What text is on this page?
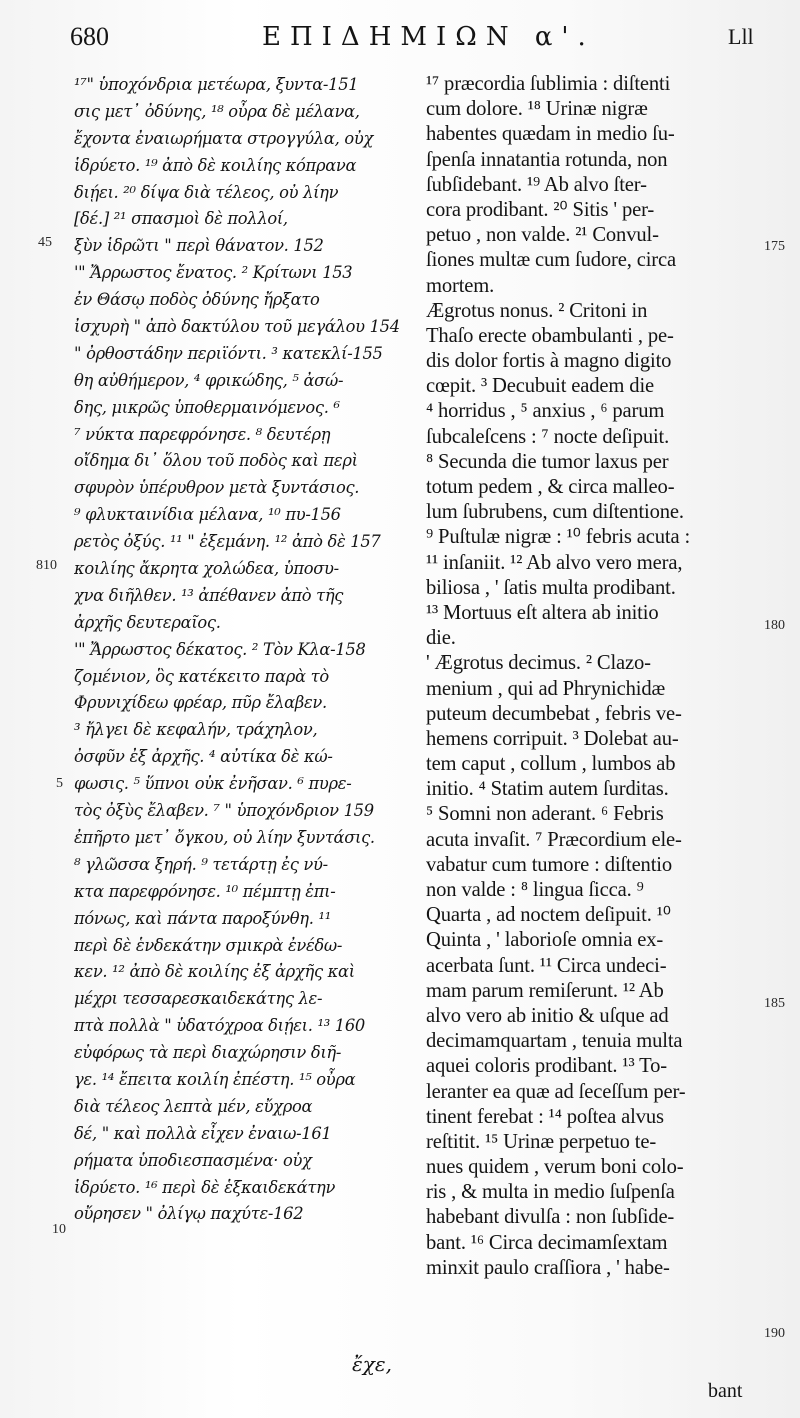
680	ΕΠΙΔΗΜΙΩΝ α'.	Lll
¹⁷" ὑποχόνδρια μετέωρα, ξυντα-151
σις μετ᾽ ὀδύνης, ¹⁸ οὖρα δὲ μέλανα,
ἔχοντα ἐναιωρήματα στρογγύλα, οὐχ
ἱδρύετο. ¹⁹ ἀπὸ δὲ κοιλίης κόπρανα
διῄει. ²⁰ δίψα διὰ τέλεος, οὐ λίην
[δέ.] ²¹ σπασμοὶ δὲ πολλοί,
ξὺν ἱδρῶτι " περὶ θάνατον. 152
'" Ἄρρωστος ἔνατος. ² Κρίτωνι 153
ἐν Θάσῳ ποδὸς ὀδύνης ἤρξατο
ἰσχυρὴ " ἀπὸ δακτύλου τοῦ μεγάλου 154
" ὀρθοστάδην περιϊόντι. ³ κατεκλί-155
θη αὐθήμερον, ⁴ φρικώδης, ⁵ ἀσώ-
δης, μικρῶς ὑποθερμαινόμενος. ⁶
⁷ νύκτα παρεφρόνησε. ⁸ δευτέρῃ
οἴδημα δι᾽ ὅλου τοῦ ποδὸς καὶ περὶ
σφυρὸν ὑπέρυθρον μετὰ ξυντάσιος.
⁹ φλυκταινίδια μέλανα, ¹⁰ πυ-156
ρετὸς ὀξύς. ¹¹ " ἐξεμάνη. ¹² ἀπὸ δὲ 157
κοιλίης ἄκρητα χολώδεα, ὑποσυ-
χνα διῆλθεν. ¹³ ἀπέθανεν ἀπὸ τῆς
ἀρχῆς δευτεραῖος.
'" Ἄρρωστος δέκατος. ² Τὸν Κλα-158
ζομένιον, ὃς κατέκειτο παρὰ τὸ
Φρυνιχίδεω φρέαρ, πῦρ ἔλαβεν.
³ ἤλγει δὲ κεφαλήν, τράχηλον,
ὀσφῦν ἐξ ἀρχῆς. ⁴ αὐτίκα δὲ κώ-
φωσις. ⁵ ὕπνοι οὐκ ἐνῆσαν. ⁶ πυρε-
τὸς ὀξὺς ἔλαβεν. ⁷ " ὑποχόνδριον 159
ἐπῆρτο μετ᾽ ὄγκου, οὐ λίην ξυντάσις.
⁸ γλῶσσα ξηρή. ⁹ τετάρτῃ ἐς νύ-
κτα παρεφρόνησε. ¹⁰ πέμπτῃ ἐπι-
πόνως, καὶ πάντα παροξύνθη. ¹¹
περὶ δὲ ἑνδεκάτην σμικρὰ ἐνέδω-
κεν. ¹² ἀπὸ δὲ κοιλίης ἐξ ἀρχῆς καὶ
μέχρι τεσσαρεσκαιδεκάτης λε-
πτὰ πολλὰ " ὑδατόχροα διῄει. ¹³ 160
εὐφόρως τὰ περὶ διαχώρησιν διῆ-
γε. ¹⁴ ἔπειτα κοιλίη ἐπέστη. ¹⁵ οὖρα
διὰ τέλεος λεπτὰ μέν, εὔχροα
δέ, " καὶ πολλὰ εἶχεν ἐναιω-161
ρήματα ὑποδιεσπασμένα· οὐχ
ἱδρύετο. ¹⁶ περὶ δὲ ἑξκαιδεκάτην
οὔρησεν " ὀλίγῳ παχύτε-162
¹⁷ præcordia ſublimia : diſtenti
cum dolore. ¹⁸ Urinæ nigræ
habentes quædam in medio ſu-
ſpenſa innatantia rotunda, non
ſubſidebant. ¹⁹ Ab alvo ſter-
cora prodibant. ²⁰ Sitis ' per-
petuo , non valde. ²¹ Convul-
ſiones multæ cum ſudore, circa
mortem.
Ægrotus nonus. ² Critoni in
Thaſo erecte obambulanti , pe-
dis dolor fortis à magno digito
cœpit. ³ Decubuit eadem die
⁴ horridus , ⁵ anxius , ⁶ parum
ſubcaleſcens : ⁷ nocte deſipuit.
⁸ Secunda die tumor laxus per
totum pedem , & circa malleo-
lum ſubrubens, cum diſtentione.
⁹ Puſtulæ nigræ : ¹⁰ febris acuta :
¹¹ inſaniit. ¹² Ab alvo vero mera,
biliosa , ' ſatis multa prodibant.
¹³ Mortuus eſt altera ab initio
die.
' Ægrotus decimus. ² Clazo-
menium , qui ad Phrynichidæ
puteum decumbebat , febris ve-
hemens corripuit. ³ Dolebat au-
tem caput , collum , lumbos ab
initio. ⁴ Statim autem ſurditas.
⁵ Somni non aderant. ⁶ Febris
acuta invaſit. ⁷ Præcordium ele-
vabatur cum tumore : diſtentio
non valde : ⁸ lingua ſicca. ⁹
Quarta , ad noctem deſipuit. ¹⁰
Quinta , ' laborioſe omnia ex-
acerbata ſunt. ¹¹ Circa undeci-
mam parum remiſerunt. ¹² Ab
alvo vero ab initio & uſque ad
decimamquartam , tenuia multa
aquei coloris prodibant. ¹³ To-
leranter ea quæ ad ſeceſſum per-
tinent ferebat : ¹⁴ poſtea alvus
reſtitit. ¹⁵ Urinæ perpetuo te-
nues quidem , verum boni colo-
ris , & multa in medio ſuſpenſa
habebant divulſa : non ſubſide-
bant. ¹⁶ Circa decimamſextam
minxit paulo craſſiora , ' habe-
45
810
5
10
175
180
185
190
ἔχε,
bant
